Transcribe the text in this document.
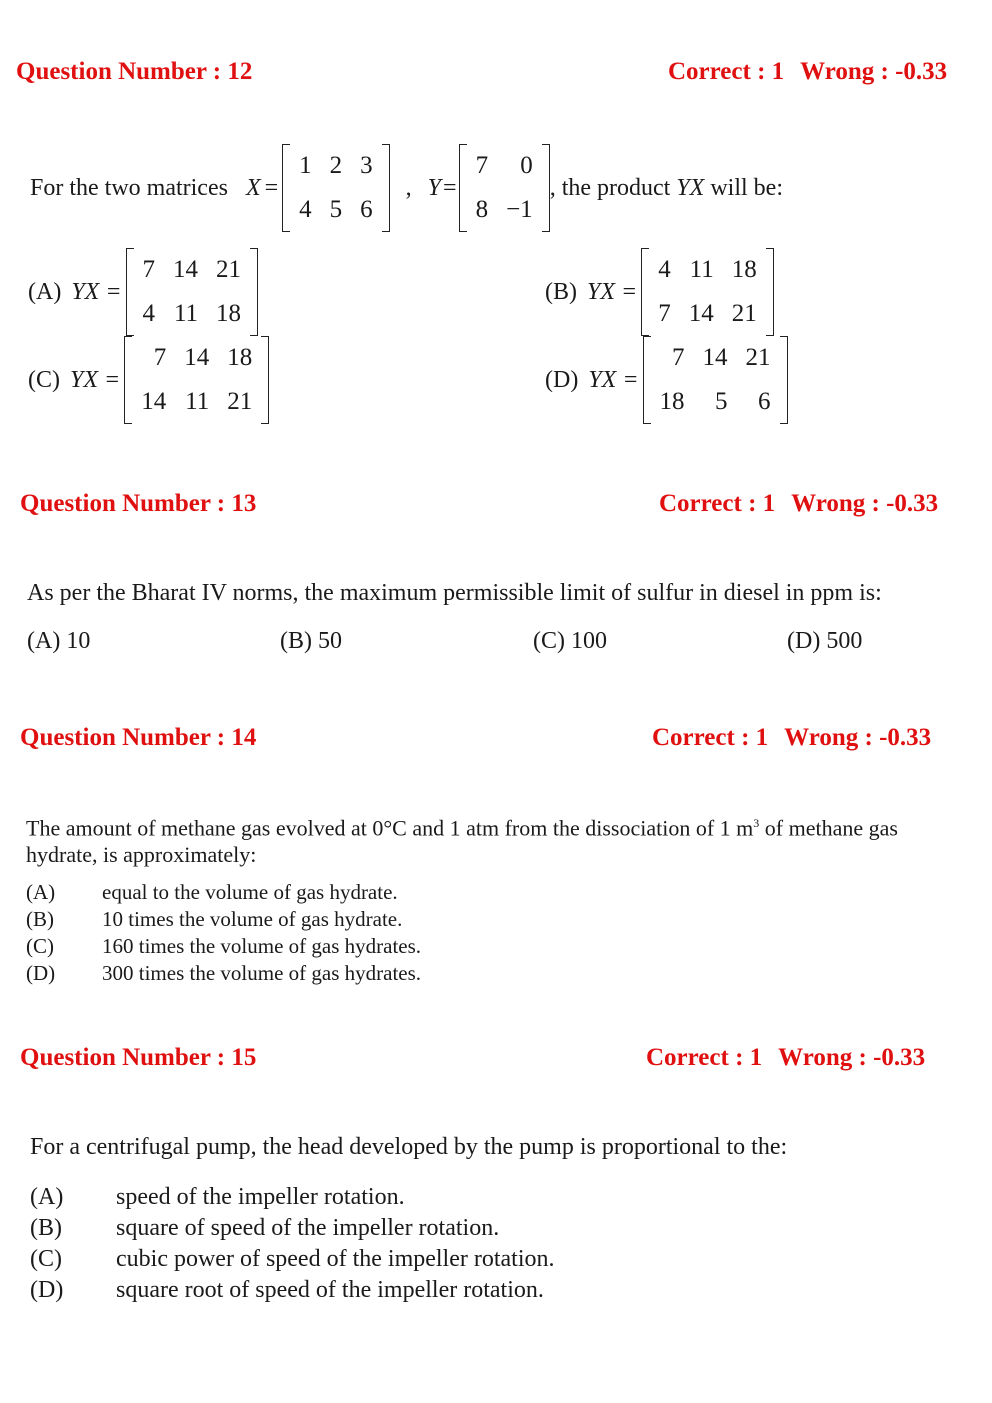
Question Number : 12	Correct : 1 Wrong : -0.33
For the two matrices X =
1	2	3
4	5	6
, Y =
7	0
8	−1
, the product YX will be:
(A) YX =
7	14	21
4	11	18
(B) YX =
4	11	18
7	14	21
(C) YX =
7	14	18
14	11	21
(D) YX =
7	14	21
18	5	6
Question Number : 13	Correct : 1 Wrong : -0.33
As per the Bharat IV norms, the maximum permissible limit of sulfur in diesel in ppm is:
(A) 10	(B) 50	(C) 100	(D) 500
Question Number : 14	Correct : 1 Wrong : -0.33
The amount of methane gas evolved at 0°C and 1 atm from the dissociation of 1 $m^3$ of methane gas
hydrate, is approximately:
(A)	equal to the volume of gas hydrate.
(B)	10 times the volume of gas hydrate.
(C)	160 times the volume of gas hydrates.
(D)	300 times the volume of gas hydrates.
Question Number : 15	Correct : 1 Wrong : -0.33
For a centrifugal pump, the head developed by the pump is proportional to the:
(A)	speed of the impeller rotation.
(B)	square of speed of the impeller rotation.
(C)	cubic power of speed of the impeller rotation.
(D)	square root of speed of the impeller rotation.
